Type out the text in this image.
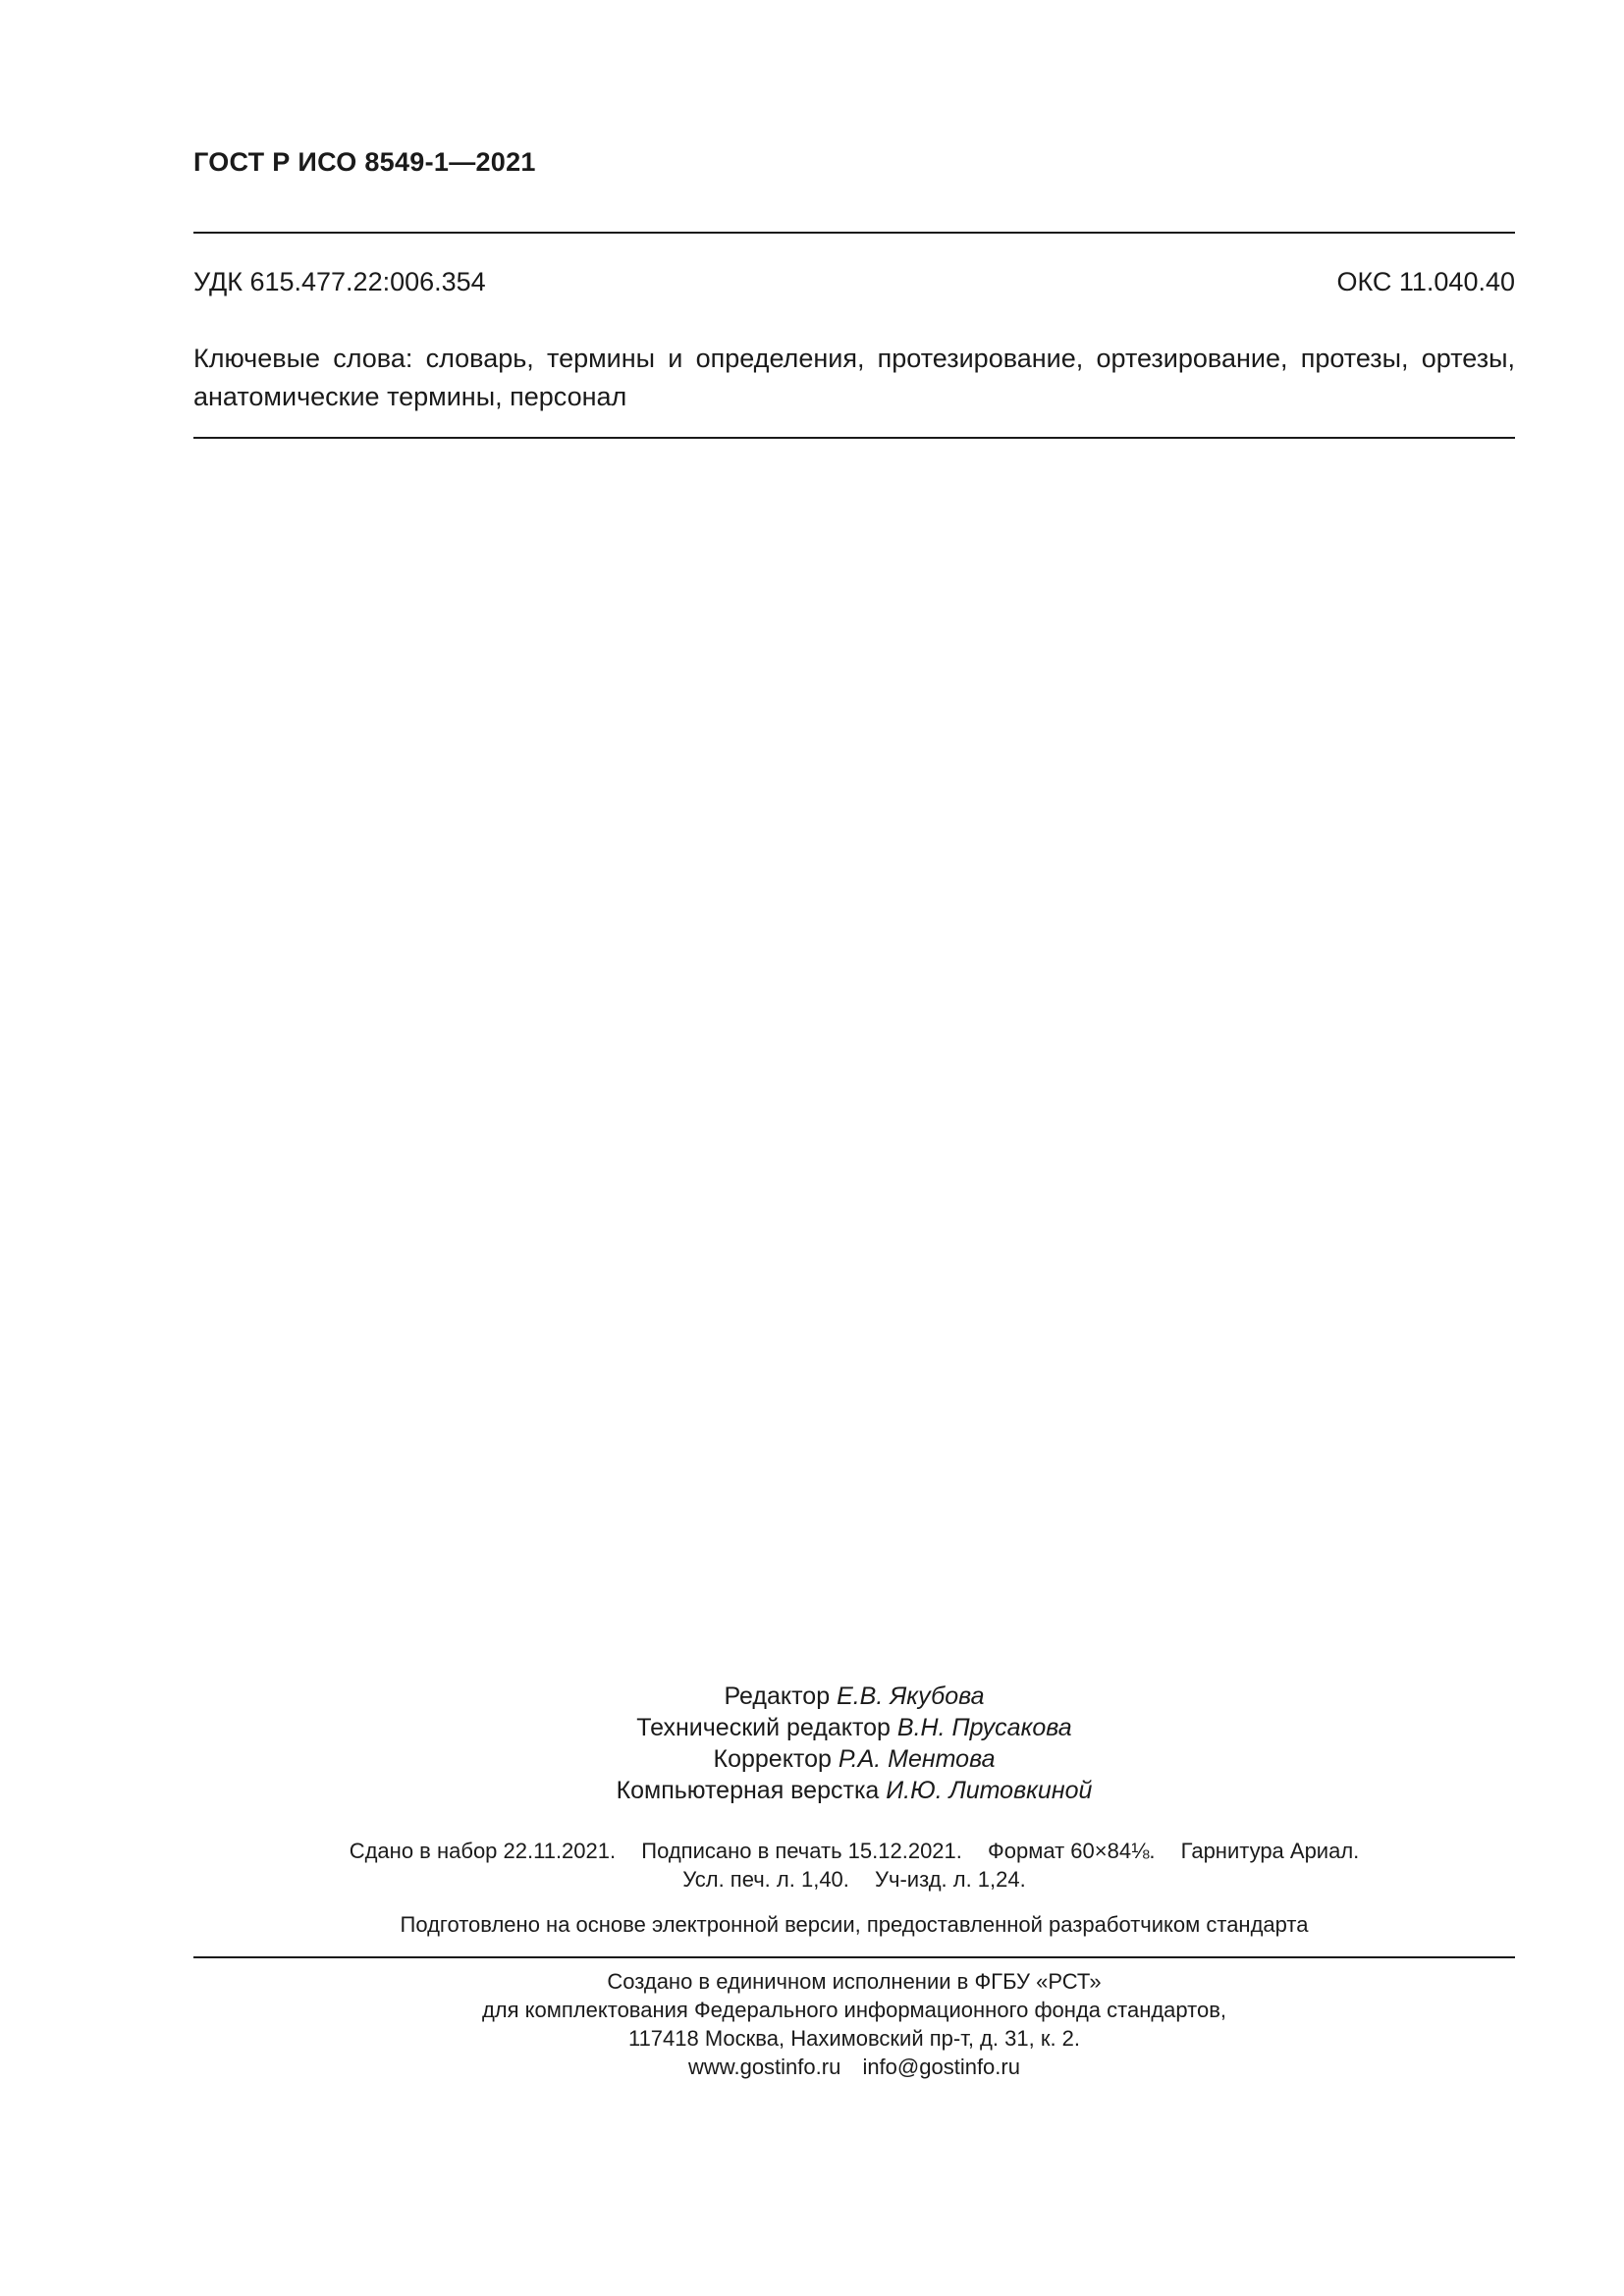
ГОСТ Р ИСО 8549-1—2021
УДК 615.477.22:006.354	ОКС 11.040.40
Ключевые слова: словарь, термины и определения, протезирование, ортезирование, протезы, ортезы, анатомические термины, персонал
Редактор Е.В. Якубова
Технический редактор В.Н. Прусакова
Корректор Р.А. Ментова
Компьютерная верстка И.Ю. Литовкиной
Сдано в набор 22.11.2021. Подписано в печать 15.12.2021. Формат 60×84⅛. Гарнитура Ариал.
Усл. печ. л. 1,40. Уч-изд. л. 1,24.
Подготовлено на основе электронной версии, предоставленной разработчиком стандарта
Создано в единичном исполнении в ФГБУ «РСТ»
для комплектования Федерального информационного фонда стандартов,
117418 Москва, Нахимовский пр-т, д. 31, к. 2.
www.gostinfo.ru info@gostinfo.ru
